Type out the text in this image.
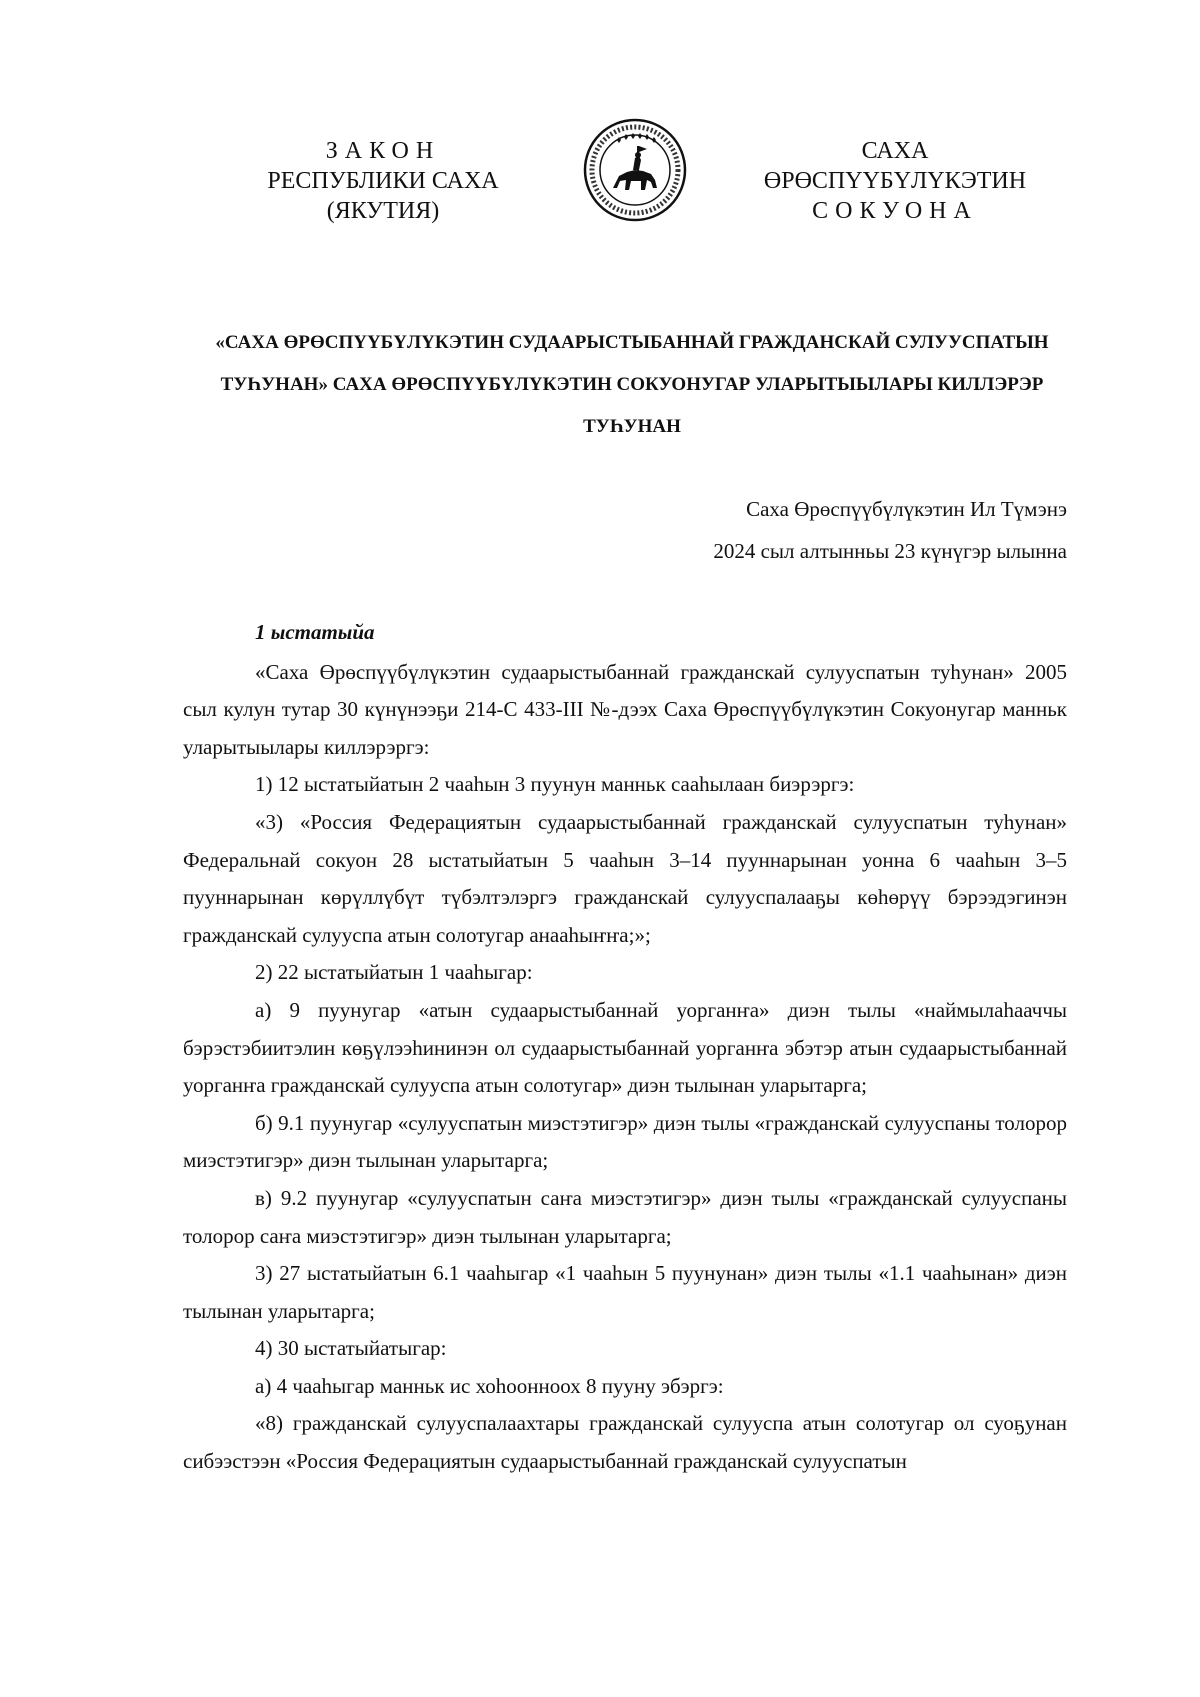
ЗАКОН
РЕСПУБЛИКИ САХА (ЯКУТИЯ)
САХА ӨРӨСПҮҮБҮЛҮКЭТИН
СОКУОНА
«САХА ӨРӨСПҮҮБҮЛҮКЭТИН СУДААРЫСТЫБАННАЙ ГРАЖДАНСКАЙ СУЛУУСПАТЫН
ТУҺУНАН» САХА ӨРӨСПҮҮБҮЛҮКЭТИН СОКУОНУГАР УЛАРЫТЫЫЛАРЫ КИЛЛЭРЭР
ТУҺУНАН
Саха Өрөспүүбүлүкэтин Ил Түмэнэ
2024 сыл алтынньы 23 күнүгэр ылынна
1 ыстатыйа

«Саха Өрөспүүбүлүкэтин судаарыстыбаннай гражданскай сулууспатын туһунан» 2005 сыл кулун тутар 30 күнүнээҕи 214-С 433-III №-дээх Саха Өрөспүүбүлүкэтин Сокуонугар манньк уларытыылары киллэрэргэ:

1) 12 ыстатыйатын 2 чааһын 3 пуунун манньк сааһылаан биэрэргэ:

«3) «Россия Федерациятын судаарыстыбаннай гражданскай сулууспатын туһунан» Федеральнай сокуон 28 ыстатыйатын 5 чааһын 3–14 пууннарынан уонна 6 чааһын 3–5 пууннарынан көрүллүбүт түбэлтэлэргэ гражданскай сулууспалааҕы көһөрүү бэрээдэгинэн гражданскай сулууспа атын солотугар анааһыҥҥа;»;

2) 22 ыстатыйатын 1 чааһыгар:

а) 9 пуунугар «атын судаарыстыбаннай уорганҥа» диэн тылы «наймылаһааччы бэрэстэбиитэлин көҕүлээһининэн ол судаарыстыбаннай уорганҥа эбэтэр атын судаарыстыбаннай уорганҥа гражданскай сулууспа атын солотугар» диэн тылынан уларытарга;

б) 9.1 пуунугар «сулууспатын миэстэтигэр» диэн тылы «гражданскай сулууспаны толорор миэстэтигэр» диэн тылынан уларытарга;

в) 9.2 пуунугар «сулууспатын саҥа миэстэтигэр» диэн тылы «гражданскай сулууспаны толорор саҥа миэстэтигэр» диэн тылынан уларытарга;

3) 27 ыстатыйатын 6.1 чааһыгар «1 чааһын 5 пуунунан» диэн тылы «1.1 чааһынан» диэн тылынан уларытарга;

4) 30 ыстатыйатыгар:

а) 4 чааһыгар манньк ис хоһоонноох 8 пууну эбэргэ:

«8) гражданскай сулууспалаахтары гражданскай сулууспа атын солотугар ол суоҕунан сибээстээн «Россия Федерациятын судаарыстыбаннай гражданскай сулууспатын
